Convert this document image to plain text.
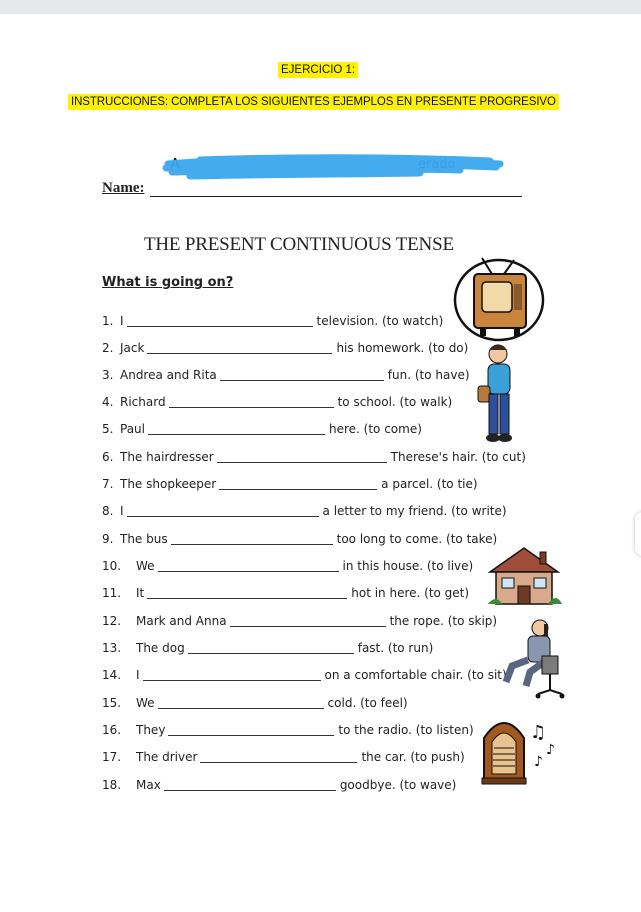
EJERCICIO 1:
INSTRUCCIONES: COMPLETA LOS SIGUIENTES EJEMPLOS EN PRESENTE PROGRESIVO
A	erado
Name:
THE PRESENT CONTINUOUS TENSE
What is going on?
1. I	television. (to watch)
2. Jack	his homework. (to do)
3. Andrea and Rita	fun. (to have)
4. Richard	to school. (to walk)
5. Paul	here. (to come)
6. The hairdresser	Therese's hair. (to cut)
7. The shopkeeper	a parcel. (to tie)
8. I	a letter to my friend. (to write)
9. The bus	too long to come. (to take)
10. We	in this house. (to live)
11. It	hot in here. (to get)
12. Mark and Anna	the rope. (to skip)
13. The dog	fast. (to run)
14. I	on a comfortable chair. (to sit)
15. We	cold. (to feel)
16. They	to the radio. (to listen)
17. The driver	the car. (to push)
18. Max	goodbye. (to wave)
♫
♪
♪
